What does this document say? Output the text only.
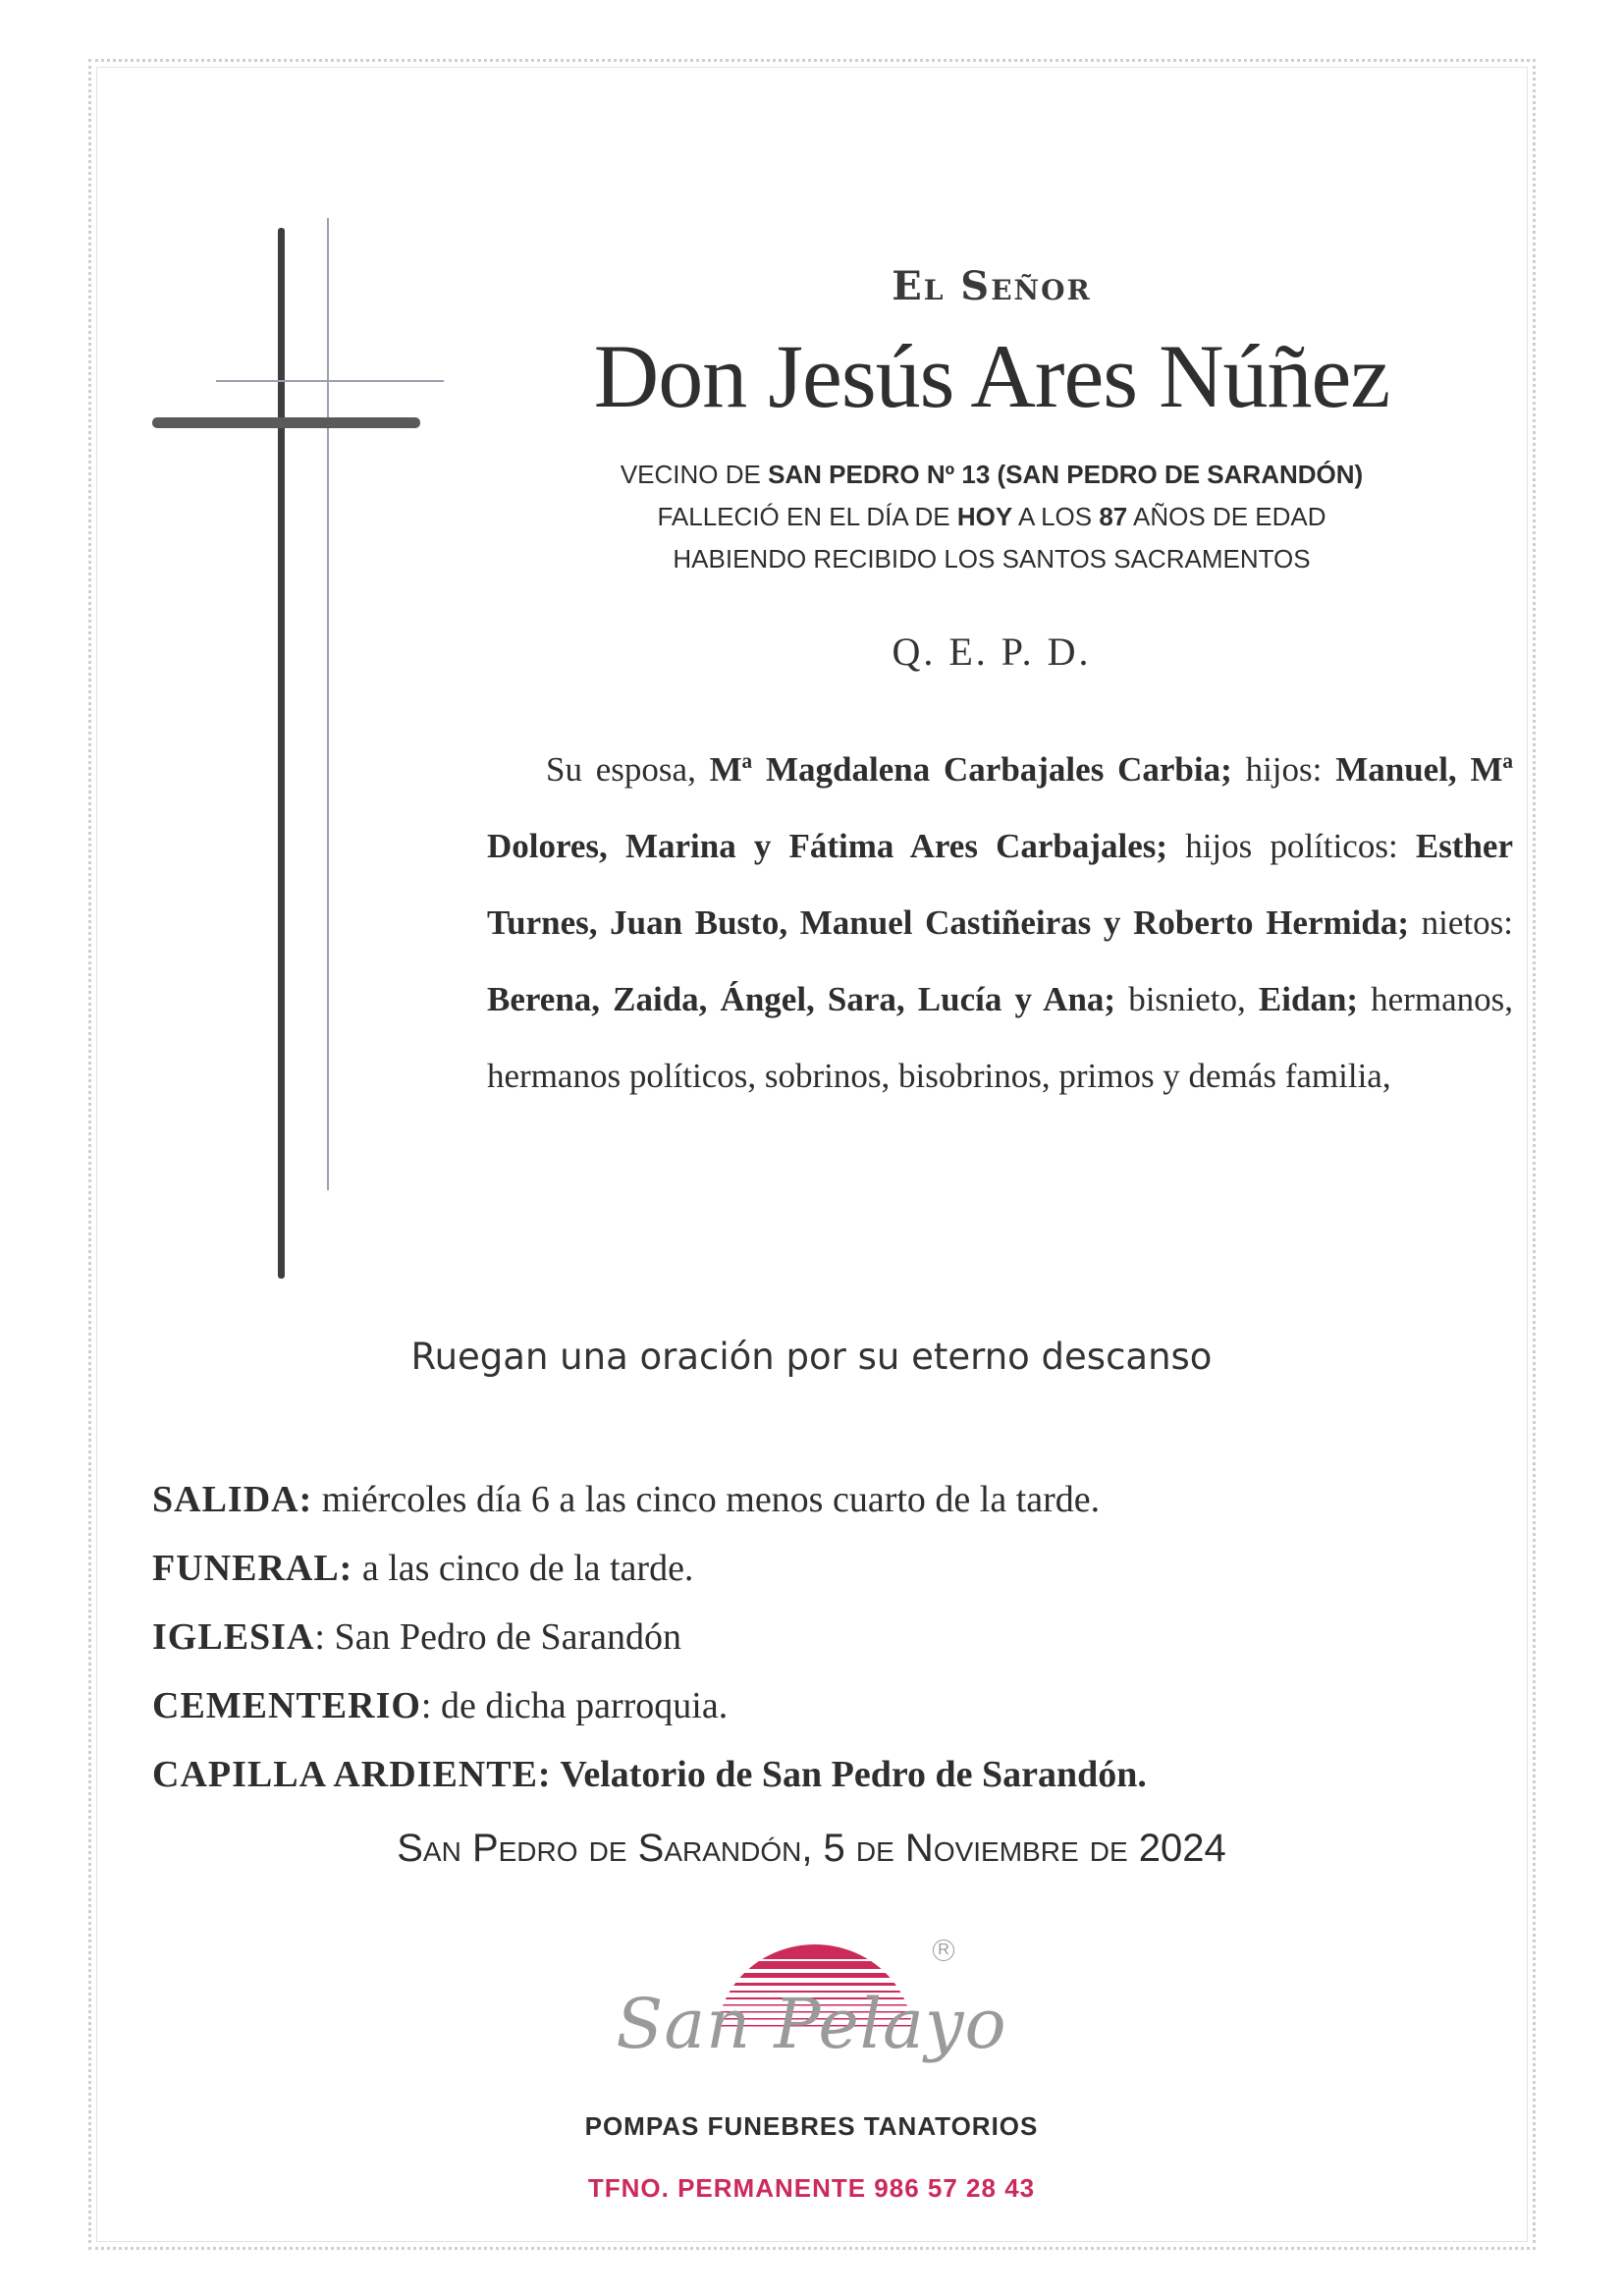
El Señor
Don Jesús Ares Núñez
VECINO DE SAN PEDRO Nº 13 (SAN PEDRO DE SARANDÓN)
FALLECIÓ EN EL DÍA DE HOY A LOS 87 AÑOS DE EDAD
HABIENDO RECIBIDO LOS SANTOS SACRAMENTOS
Q. E. P. D.
Su esposa, Mª Magdalena Carbajales Carbia; hijos: Manuel, Mª Dolores, Marina y Fátima Ares Carbajales; hijos políticos: Esther Turnes, Juan Busto, Manuel Castiñeiras y Roberto Hermida; nietos: Berena, Zaida, Ángel, Sara, Lucía y Ana; bisnieto, Eidan; hermanos, hermanos políticos, sobrinos, bisobrinos, primos y demás familia,
Ruegan una oración por su eterno descanso
SALIDA: miércoles día 6 a las cinco menos cuarto de la tarde.
FUNERAL: a las cinco de la tarde.
IGLESIA: San Pedro de Sarandón
CEMENTERIO: de dicha parroquia.
CAPILLA ARDIENTE: Velatorio de San Pedro de Sarandón.
San Pedro de Sarandón, 5 de Noviembre de 2024
R
San Pelayo
POMPAS FUNEBRES TANATORIOS
TFNO. PERMANENTE 986 57 28 43
